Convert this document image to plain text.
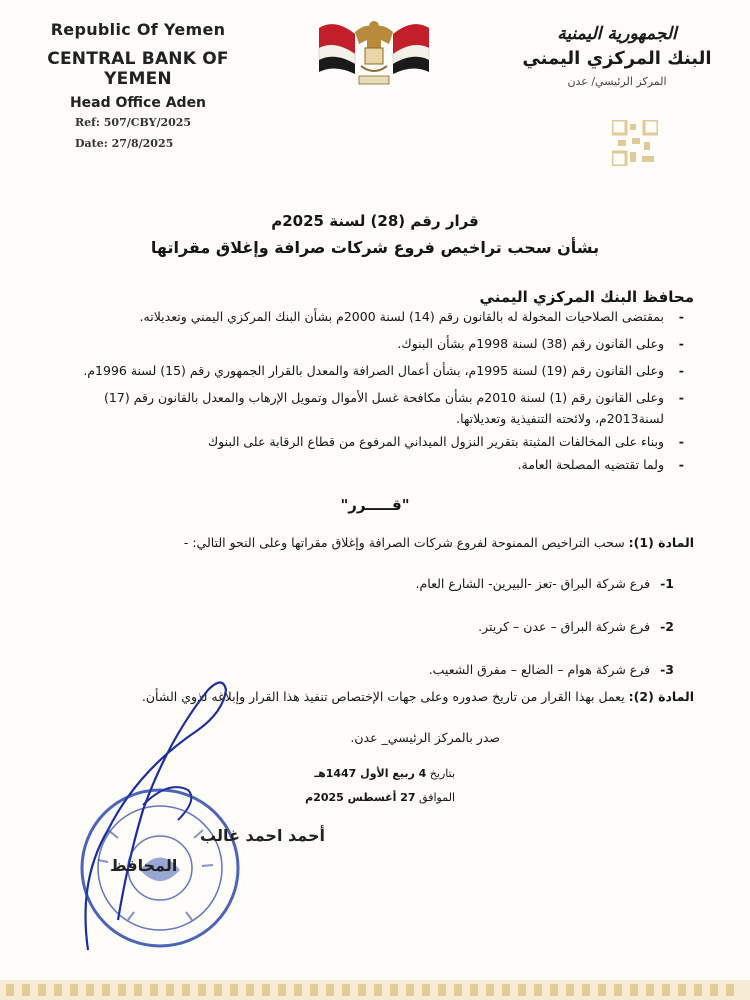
Republic Of Yemen
CENTRAL BANK OF YEMEN
Head Office Aden
Ref: 507/CBY/2025
Date: 27/8/2025
الجمهورية اليمنية
البنك المركزي اليمني
المركز الرئيسي/ عدن
قرار رقم (28) لسنة 2025م
بشأن سحب تراخيص فروع شركات صرافة وإغلاق مقراتها
محافظ البنك المركزي اليمني
-
بمقتضى الصلاحيات المخولة له بالقانون رقم (14) لسنة 2000م بشأن البنك المركزي اليمني وتعديلاته.
-
وعلى القانون رقم (38) لسنة 1998م بشأن البنوك.
-
وعلى القانون رقم (19) لسنة 1995م، بشأن أعمال الصرافة والمعدل بالقرار الجمهوري رقم (15) لسنة 1996م.
-
وعلى القانون رقم (1) لسنة 2010م بشأن مكافحة غسل الأموال وتمويل الإرهاب والمعدل بالقانون رقم (17) لسنة2013م، ولائحته التنفيذية وتعديلاتها.
-
وبناء على المخالفات المثبتة بتقرير النزول الميداني المرفوع من قطاع الرقابة على البنوك
-
ولما تقتضيه المصلحة العامة.
"قـــــرر"
المادة (1): سحب التراخيص الممنوحة لفروع شركات الصرافة وإغلاق مقراتها وعلى النحو التالي: -
1- فرع شركة البراق -تعز -البيرين- الشارع العام.
2- فرع شركة البراق – عدن – كريتر.
3- فرع شركة هوام – الضالع – مفرق الشعيب.
المادة (2): يعمل بهذا القرار من تاريخ صدوره وعلى جهات الإختصاص تنفيذ هذا القرار وإبلاغه لذوي الشأن.
صدر بالمركز الرئيسي_ عدن.
بتاريخ 4 ربيع الأول 1447هـ
الموافق 27 أغسطس 2025م
أحمد احمد غالب
المحافظ
